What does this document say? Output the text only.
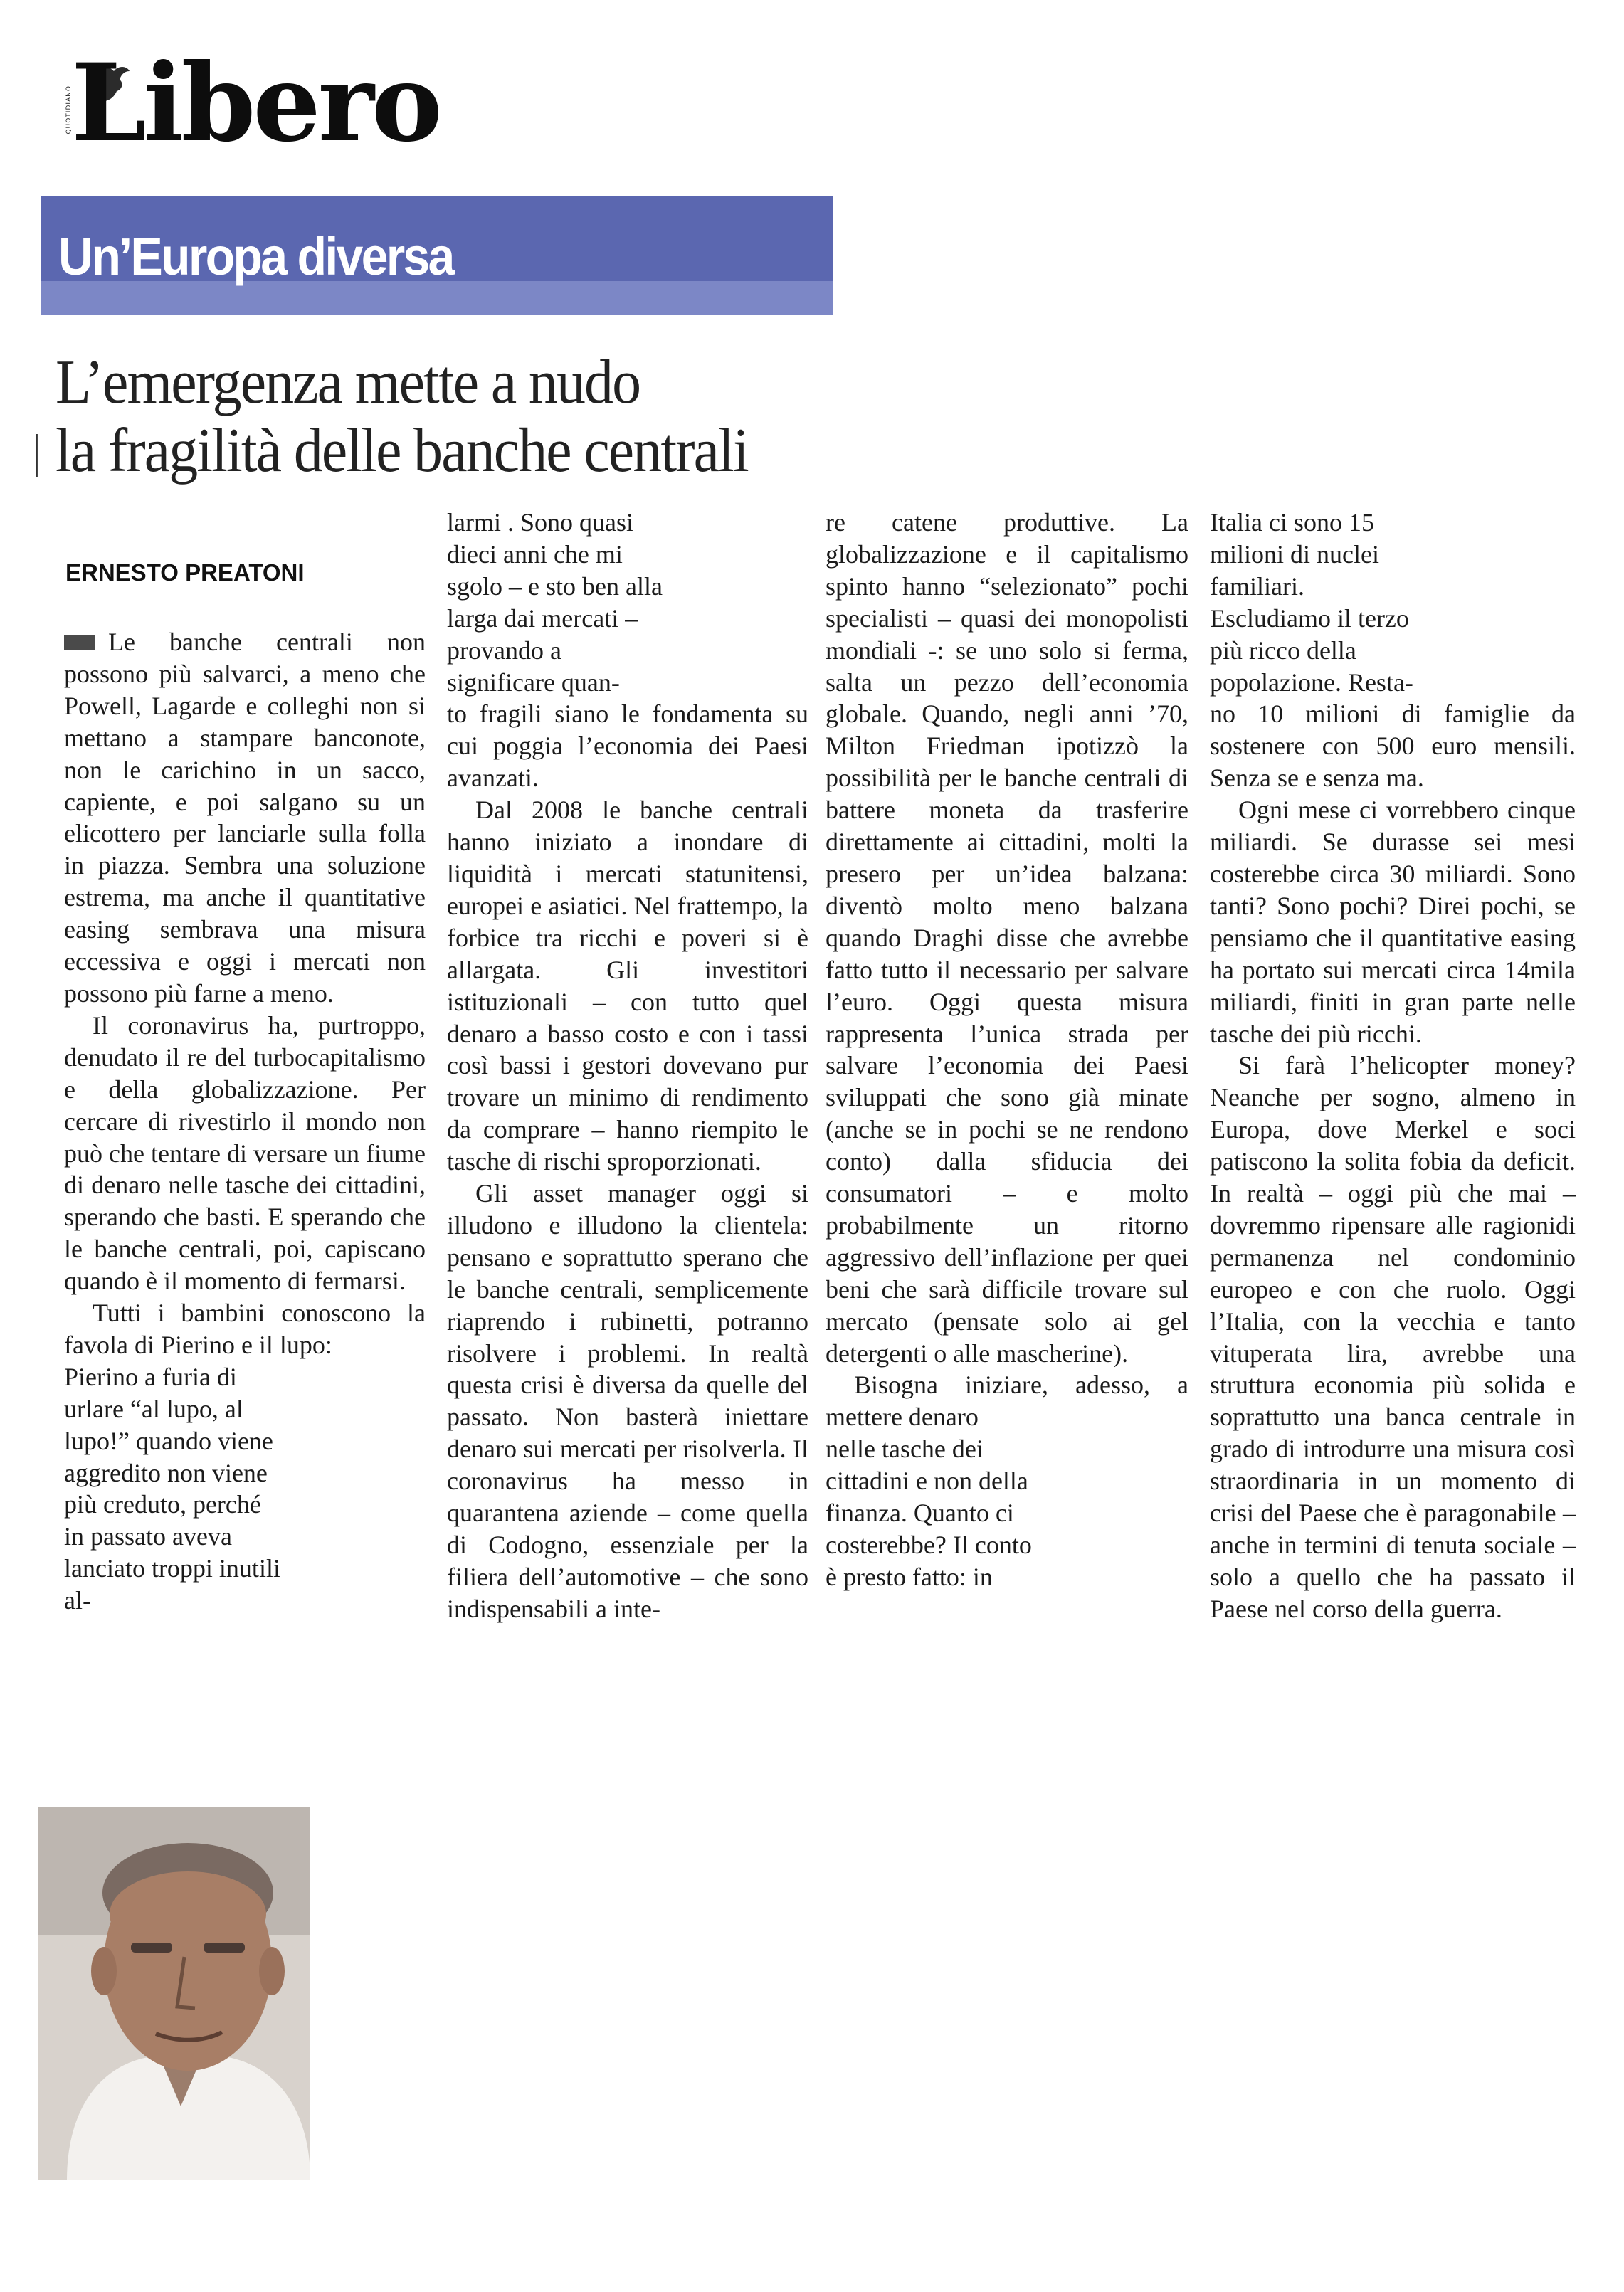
QUOTIDIANO
Libero
Un’Europa diversa
L’emergenza mette a nudo
la fragilità delle banche centrali
ERNESTO PREATONI

Le banche centrali non possono più salvarci, a meno che Powell, Lagarde e colleghi non si mettano a stampare banconote, non le carichino in un sacco, capiente, e poi salgano su un elicottero per lanciarle sulla folla in piazza. Sembra una soluzione estrema, ma anche il quantitative easing sembrava una misura eccessiva e oggi i mercati non possono più farne a meno.

Il coronavirus ha, purtroppo, denudato il re del turbocapitalismo e della globalizzazione. Per cercare di rivestirlo il mondo non può che tentare di versare un fiume di denaro nelle tasche dei cittadini, sperando che basti. E sperando che le banche centrali, poi, capiscano quando è il momento di fermarsi.

Tutti i bambini conoscono la favola di Pierino e il lupo:

Pierino a furia di urlare “al lupo, al lupo!” quando viene aggredito non viene più creduto, perché in passato aveva lanciato troppi inutili al-
larmi . Sono quasi dieci anni che mi sgolo – e sto ben alla larga dai mercati – provando a significare quan-

to fragili siano le fondamenta su cui poggia l’economia dei Paesi avanzati.

Dal 2008 le banche centrali hanno iniziato a inondare di liquidità i mercati statunitensi, europei e asiatici. Nel frattempo, la forbice tra ricchi e poveri si è allargata. Gli investitori istituzionali – con tutto quel denaro a basso costo e con i tassi così bassi i gestori dovevano pur trovare un minimo di rendimento da comprare – hanno riempito le tasche di rischi sproporzionati.

Gli asset manager oggi si illudono e illudono la clientela: pensano e soprattutto sperano che le banche centrali, semplicemente riaprendo i rubinetti, potranno risolvere i problemi. In realtà questa crisi è diversa da quelle del passato. Non basterà iniettare denaro sui mercati per risolverla. Il coronavirus ha messo in quarantena aziende – come quella di Codogno, essenziale per la filiera dell’automotive – che sono indispensabili a inte-

re catene produttive. La globalizzazione e il capitalismo spinto hanno “selezionato” pochi specialisti – quasi dei monopolisti mondiali -: se uno solo si ferma, salta un pezzo dell’economia globale. Quando, negli anni ’70, Milton Friedman ipotizzò la possibilità per le banche centrali di battere moneta da trasferire direttamente ai cittadini, molti la presero per un’idea balzana: diventò molto meno balzana quando Draghi disse che avrebbe fatto tutto il necessario per salvare l’euro. Oggi questa misura rappresenta l’unica strada per salvare l’economia dei Paesi sviluppati che sono già minate (anche se in pochi se ne rendono conto) dalla sfiducia dei consumatori – e molto probabilmente un ritorno aggressivo dell’inflazione per quei beni che sarà difficile trovare sul mercato (pensate solo ai gel detergenti o alle mascherine).

Bisogna iniziare, adesso, a mettere denaro

nelle tasche dei cittadini e non della finanza. Quanto ci costerebbe? Il conto è presto fatto: in
Italia ci sono 15 milioni di nuclei familiari. Escludiamo il terzo più ricco della popolazione. Resta-

no 10 milioni di famiglie da sostenere con 500 euro mensili. Senza se e senza ma.

Ogni mese ci vorrebbero cinque miliardi. Se durasse sei mesi costerebbe circa 30 miliardi. Sono tanti? Sono pochi? Direi pochi, se pensiamo che il quantitative easing ha portato sui mercati circa 14mila miliardi, finiti in gran parte nelle tasche dei più ricchi.

Si farà l’helicopter money? Neanche per sogno, almeno in Europa, dove Merkel e soci patiscono la solita fobia da deficit. In realtà – oggi più che mai – dovremmo ripensare alle ragionidi permanenza nel condominio europeo e con che ruolo. Oggi l’Italia, con la vecchia e tanto vituperata lira, avrebbe una struttura economia più solida e soprattutto una banca centrale in grado di introdurre una misura così straordinaria in un momento di crisi del Paese che è paragonabile – anche in termini di tenuta sociale – solo a quello che ha passato il Paese nel corso della guerra.
